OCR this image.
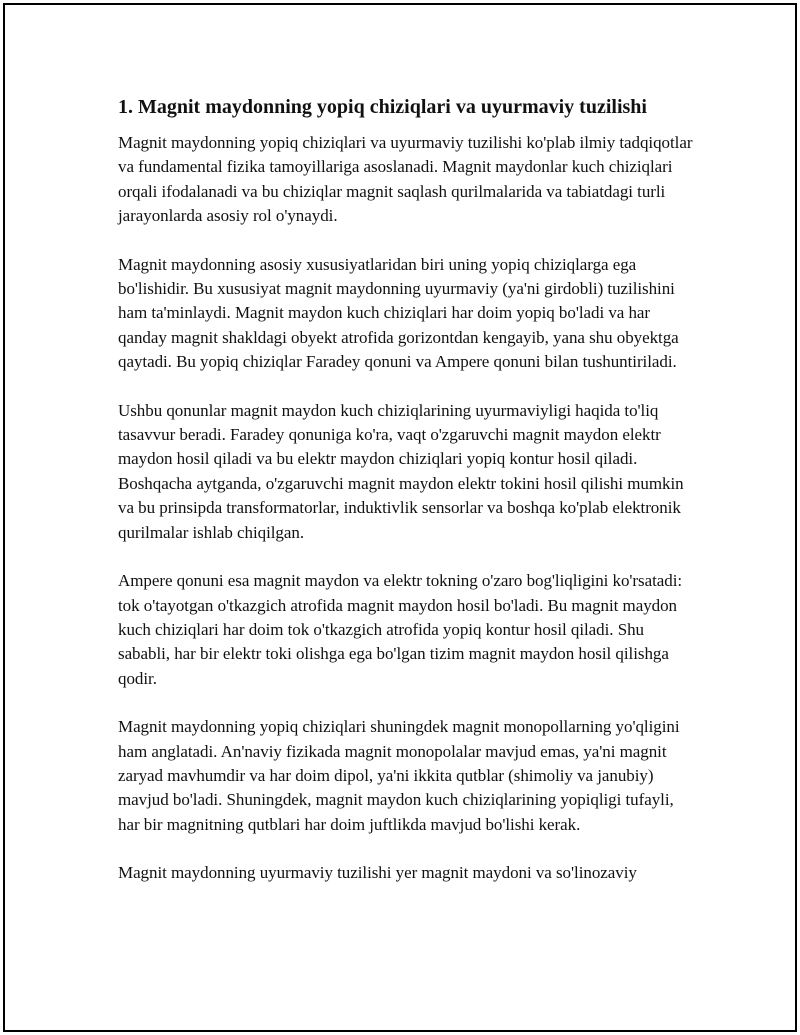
1. Magnit maydonning yopiq chiziqlari va uyurmaviy tuzilishi

Magnit maydonning yopiq chiziqlari va uyurmaviy tuzilishi ko'plab ilmiy tadqiqotlar va fundamental fizika tamoyillariga asoslanadi. Magnit maydonlar kuch chiziqlari orqali ifodalanadi va bu chiziqlar magnit saqlash qurilmalarida va tabiatdagi turli jarayonlarda asosiy rol o'ynaydi.

Magnit maydonning asosiy xususiyatlaridan biri uning yopiq chiziqlarga ega bo'lishidir. Bu xususiyat magnit maydonning uyurmaviy (ya'ni girdobli) tuzilishini ham ta'minlaydi. Magnit maydon kuch chiziqlari har doim yopiq bo'ladi va har qanday magnit shakldagi obyekt atrofida gorizontdan kengayib, yana shu obyektga qaytadi. Bu yopiq chiziqlar Faradey qonuni va Ampere qonuni bilan tushuntiriladi.

Ushbu qonunlar magnit maydon kuch chiziqlarining uyurmaviyligi haqida to'liq tasavvur beradi. Faradey qonuniga ko'ra, vaqt o'zgaruvchi magnit maydon elektr maydon hosil qiladi va bu elektr maydon chiziqlari yopiq kontur hosil qiladi. Boshqacha aytganda, o'zgaruvchi magnit maydon elektr tokini hosil qilishi mumkin va bu prinsipda transformatorlar, induktivlik sensorlar va boshqa ko'plab elektronik qurilmalar ishlab chiqilgan.

Ampere qonuni esa magnit maydon va elektr tokning o'zaro bog'liqligini ko'rsatadi: tok o'tayotgan o'tkazgich atrofida magnit maydon hosil bo'ladi. Bu magnit maydon kuch chiziqlari har doim tok o'tkazgich atrofida yopiq kontur hosil qiladi. Shu sababli, har bir elektr toki olishga ega bo'lgan tizim magnit maydon hosil qilishga qodir.

Magnit maydonning yopiq chiziqlari shuningdek magnit monopollarning yo'qligini ham anglatadi. An'naviy fizikada magnit monopolalar mavjud emas, ya'ni magnit zaryad mavhumdir va har doim dipol, ya'ni ikkita qutblar (shimoliy va janubiy) mavjud bo'ladi. Shuningdek, magnit maydon kuch chiziqlarining yopiqligi tufayli, har bir magnitning qutblari har doim juftlikda mavjud bo'lishi kerak.

Magnit maydonning uyurmaviy tuzilishi yer magnit maydoni va so'linozaviy
